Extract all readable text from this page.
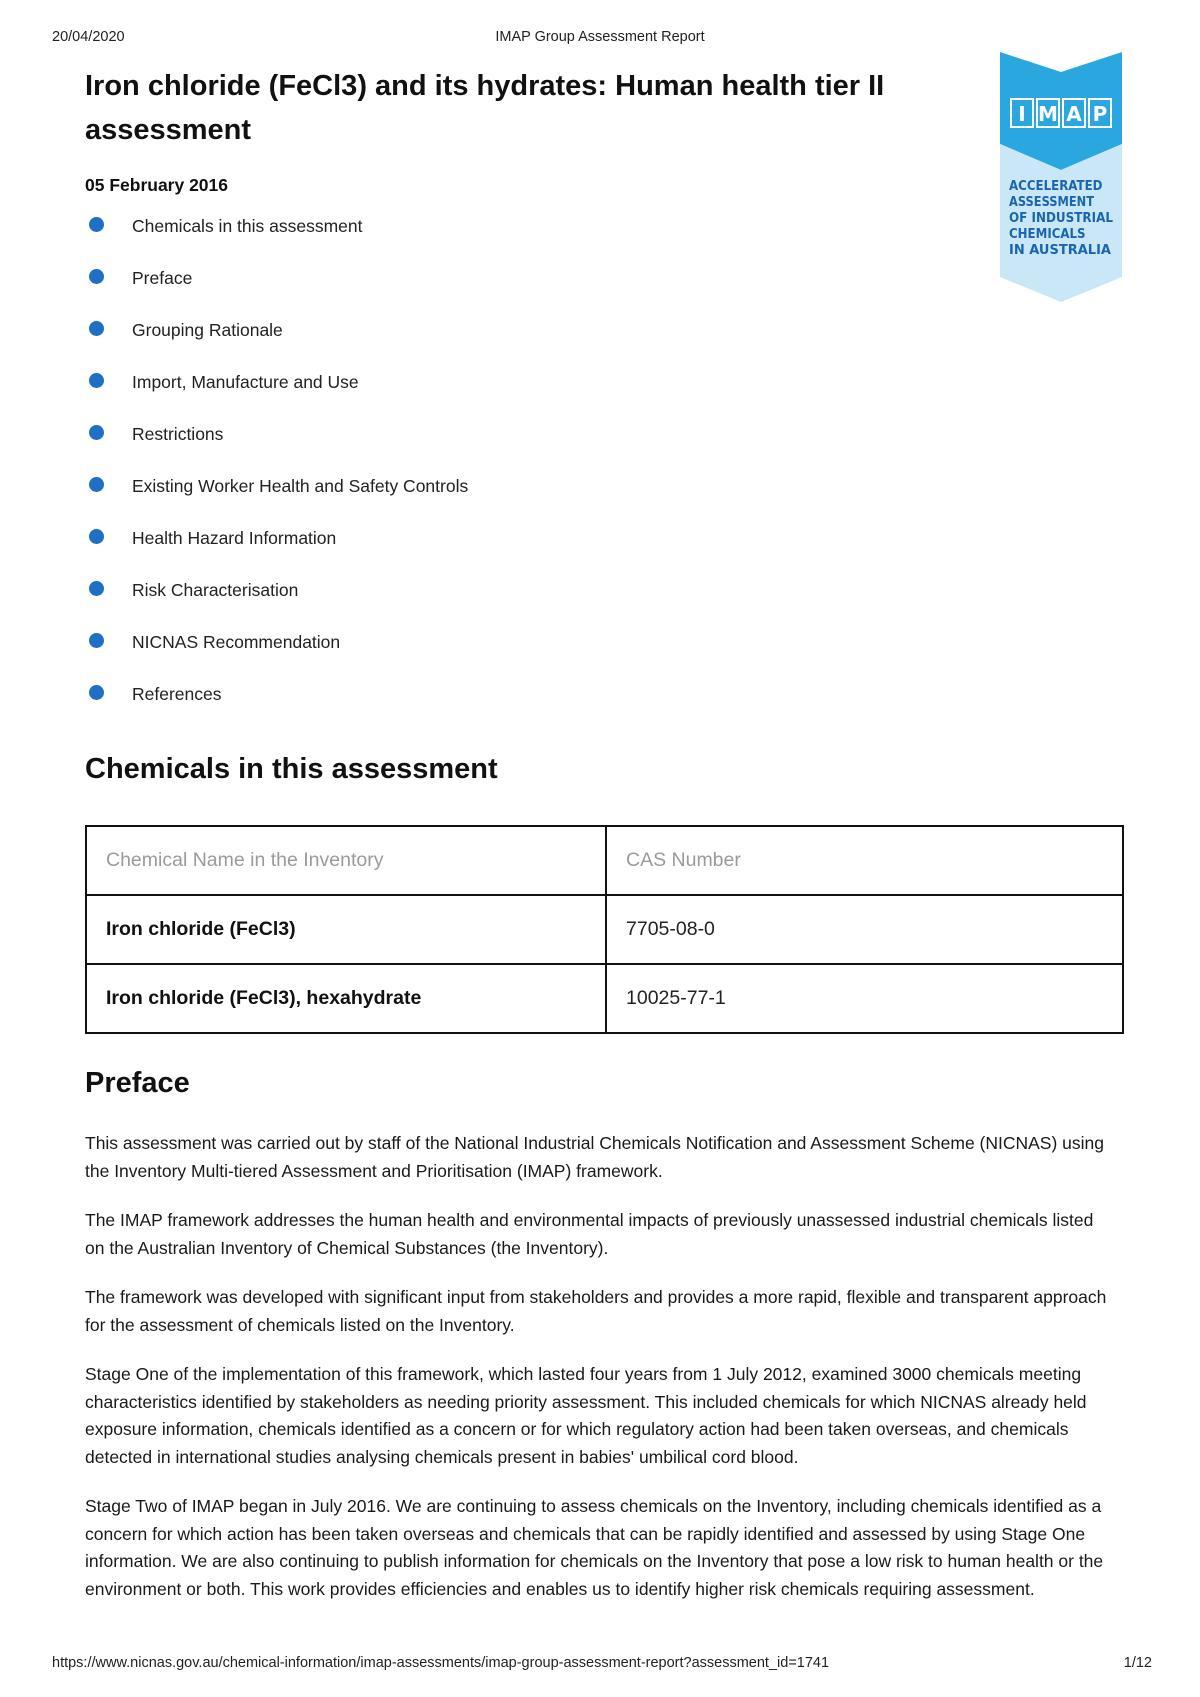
20/04/2020	IMAP Group Assessment Report
I M A P
ACCELERATED
ASSESSMENT
OF INDUSTRIAL
CHEMICALS
IN AUSTRALIA
Iron chloride (FeCl3) and its hydrates: Human health tier II assessment
05 February 2016
Chemicals in this assessment
Preface
Grouping Rationale
Import, Manufacture and Use
Restrictions
Existing Worker Health and Safety Controls
Health Hazard Information
Risk Characterisation
NICNAS Recommendation
References
Chemicals in this assessment
Chemical Name in the Inventory	CAS Number
Iron chloride (FeCl3)	7705-08-0
Iron chloride (FeCl3), hexahydrate	10025-77-1
Preface

This assessment was carried out by staff of the National Industrial Chemicals Notification and Assessment Scheme (NICNAS) using the Inventory Multi-tiered Assessment and Prioritisation (IMAP) framework.

The IMAP framework addresses the human health and environmental impacts of previously unassessed industrial chemicals listed on the Australian Inventory of Chemical Substances (the Inventory).

The framework was developed with significant input from stakeholders and provides a more rapid, flexible and transparent approach for the assessment of chemicals listed on the Inventory.

Stage One of the implementation of this framework, which lasted four years from 1 July 2012, examined 3000 chemicals meeting characteristics identified by stakeholders as needing priority assessment. This included chemicals for which NICNAS already held exposure information, chemicals identified as a concern or for which regulatory action had been taken overseas, and chemicals detected in international studies analysing chemicals present in babies' umbilical cord blood.

Stage Two of IMAP began in July 2016. We are continuing to assess chemicals on the Inventory, including chemicals identified as a concern for which action has been taken overseas and chemicals that can be rapidly identified and assessed by using Stage One information. We are also continuing to publish information for chemicals on the Inventory that pose a low risk to human health or the environment or both. This work provides efficiencies and enables us to identify higher risk chemicals requiring assessment.

https://www.nicnas.gov.au/chemical-information/imap-assessments/imap-group-assessment-report?assessment_id=1741	1/12
